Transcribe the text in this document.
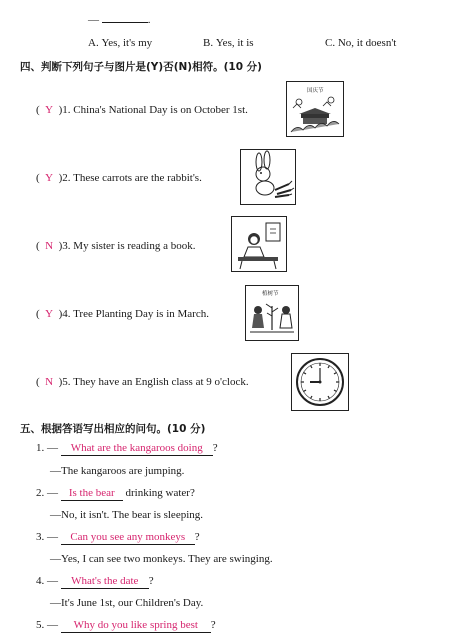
—	.
A. Yes, it's my	B. Yes, it is	C. No, it doesn't
四、判断下列句子与图片是(Y)否(N)相符。(10 分)
( Y )1. China's National Day is on October 1st.
国庆节
( Y )2. These carrots are the rabbit's.
( N )3. My sister is reading a book.
( Y )4. Tree Planting Day is in March.
植树节
( N )5. They have an English class at 9 o'clock.
五、根据答语写出相应的问句。(10 分)
1. — What are the kangaroos doing ?
—The kangaroos are jumping.
2. — Is the bear drinking water?
—No, it isn't. The bear is sleeping.
3. — Can you see any monkeys ?
—Yes, I can see two monkeys. They are swinging.
4. — What's the date ?
—It's June 1st, our Children's Day.
5. — Why do you like spring best ?
